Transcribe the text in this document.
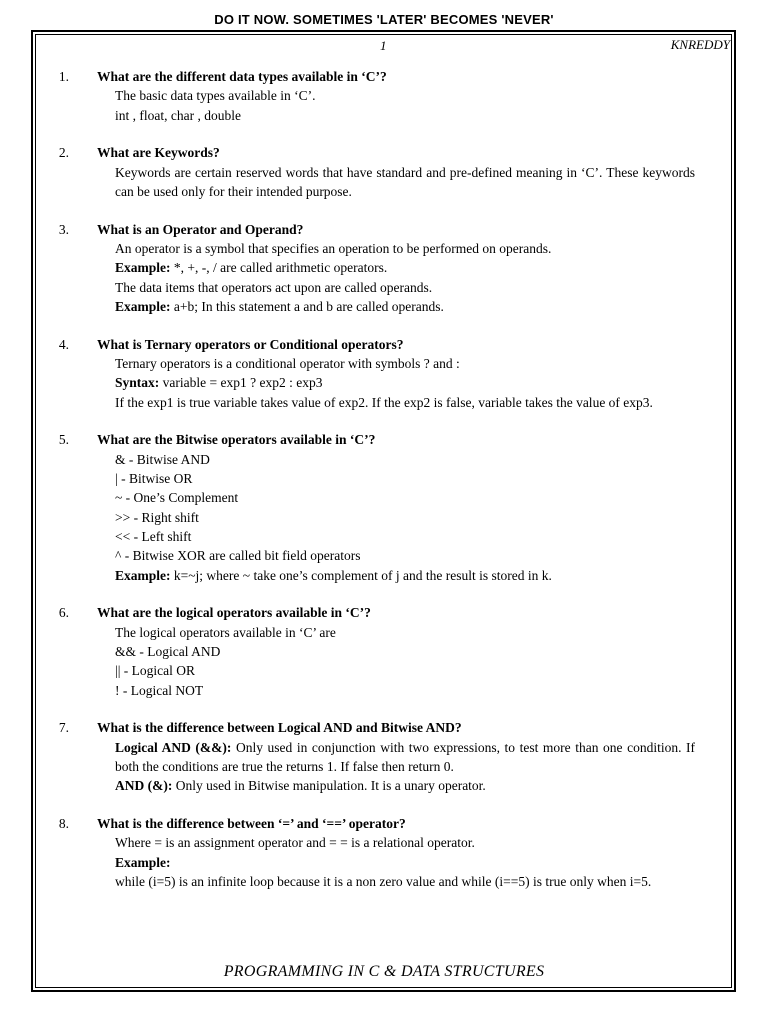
DO IT NOW. SOMETIMES 'LATER' BECOMES 'NEVER'
1	KNREDDY
1. What are the different data types available in ‘C’?
The basic data types available in ‘C’.
int , float, char , double
2. What are Keywords?
Keywords are certain reserved words that have standard and pre-defined meaning in ‘C’. These keywords can be used only for their intended purpose.
3. What is an Operator and Operand?
An operator is a symbol that specifies an operation to be performed on operands.
Example: *, +, -, / are called arithmetic operators.
The data items that operators act upon are called operands.
Example: a+b; In this statement a and b are called operands.
4. What is Ternary operators or Conditional operators?
Ternary operators is a conditional operator with symbols ? and :
Syntax: variable = exp1 ? exp2 : exp3
If the exp1 is true variable takes value of exp2. If the exp2 is false, variable takes the value of exp3.
5. What are the Bitwise operators available in ‘C’?
& - Bitwise AND
| - Bitwise OR
~ - One’s Complement
>> - Right shift
<< - Left shift
^ - Bitwise XOR are called bit field operators
Example: k=~j; where ~ take one’s complement of j and the result is stored in k.
6. What are the logical operators available in ‘C’?
The logical operators available in ‘C’ are
&& - Logical AND
|| - Logical OR
! - Logical NOT
7. What is the difference between Logical AND and Bitwise AND?
Logical AND (&&): Only used in conjunction with two expressions, to test more than one condition. If both the conditions are true the returns 1. If false then return 0.
AND (&): Only used in Bitwise manipulation. It is a unary operator.
8. What is the difference between ‘=’ and ‘==’ operator?
Where = is an assignment operator and = = is a relational operator.
Example:
while (i=5) is an infinite loop because it is a non zero value and while (i==5) is true only when i=5.
PROGRAMMING IN C & DATA STRUCTURES
